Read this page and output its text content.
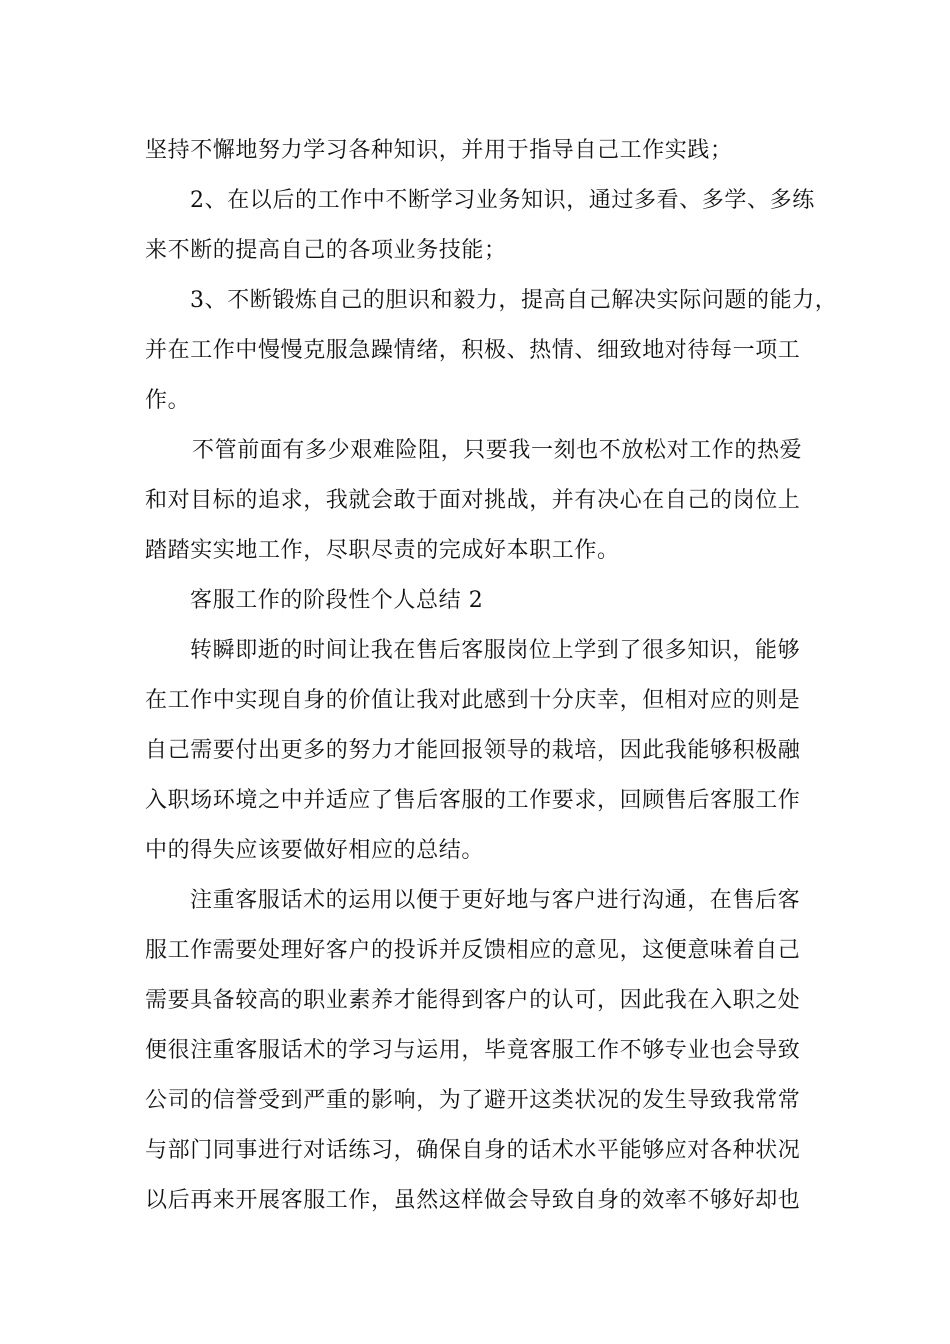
坚持不懈地努力学习各种知识，并用于指导自己工作实践；
2、在以后的工作中不断学习业务知识，通过多看、多学、多练
来不断的提高自己的各项业务技能；
3、不断锻炼自己的胆识和毅力，提高自己解决实际问题的能力，
并在工作中慢慢克服急躁情绪，积极、热情、细致地对待每一项工
作。
不管前面有多少艰难险阻，只要我一刻也不放松对工作的热爱
和对目标的追求，我就会敢于面对挑战，并有决心在自己的岗位上
踏踏实实地工作，尽职尽责的完成好本职工作。
客服工作的阶段性个人总结 2
转瞬即逝的时间让我在售后客服岗位上学到了很多知识，能够
在工作中实现自身的价值让我对此感到十分庆幸，但相对应的则是
自己需要付出更多的努力才能回报领导的栽培，因此我能够积极融
入职场环境之中并适应了售后客服的工作要求，回顾售后客服工作
中的得失应该要做好相应的总结。
注重客服话术的运用以便于更好地与客户进行沟通，在售后客
服工作需要处理好客户的投诉并反馈相应的意见，这便意味着自己
需要具备较高的职业素养才能得到客户的认可，因此我在入职之处
便很注重客服话术的学习与运用，毕竟客服工作不够专业也会导致
公司的信誉受到严重的影响，为了避开这类状况的发生导致我常常
与部门同事进行对话练习，确保自身的话术水平能够应对各种状况
以后再来开展客服工作，虽然这样做会导致自身的效率不够好却也
